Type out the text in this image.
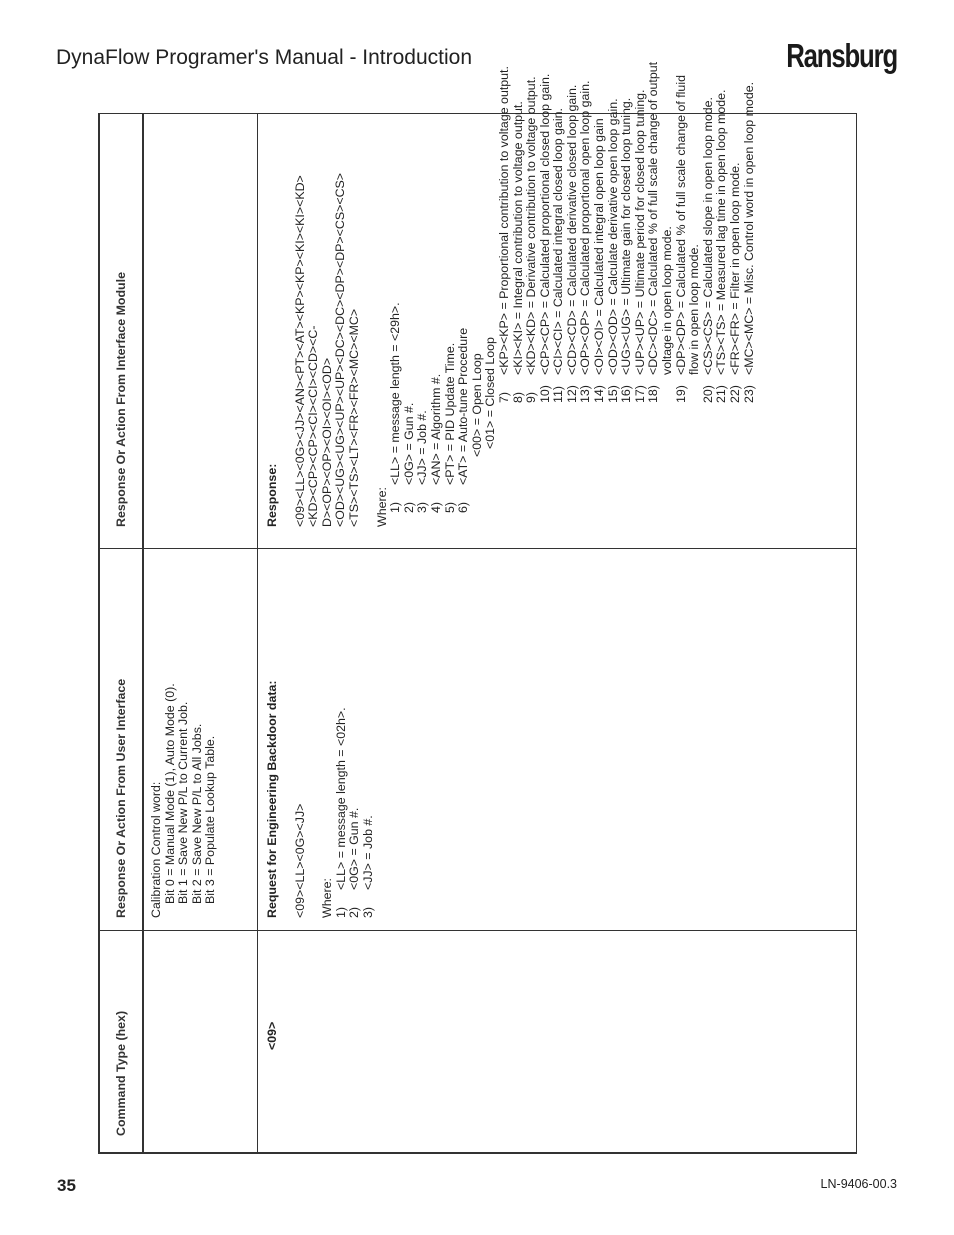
DynaFlow Programer's Manual - Introduction	Ransburg
35	LN-9406-00.3
Command Type (hex)
Response Or Action From User Interface
Response Or Action From Interface Module
Calibration Control word: Bit 0 = Manual Mode (1), Auto Mode (0). Bit 1 = Save New P/L to Current Job. Bit 2 = Save New P/L to All Jobs. Bit 3 = Populate Lookup Table.
<09>
Request for Engineering Backdoor data: <09><LL><0G><JJ> Where: 1)
<LL> = message length = <02h>.
2)
<0G> = Gun #.
3)
<JJ> = Job #.
Response: <09><LL><0G><JJ><AN><PT><AT><KP><KP><KI><KI><KD> <KD><CP><CP><CI><CI><CD><C- D><OP><OP><OI><OI><OD> <OD><UG><UG><UP><UP><DC><DC><DP><DP><CS><CS> <TS><TS><LT><FR><FR><MC><MC> Where: 1)
<LL> = message length = <29h>.
2)
<0G> = Gun #.
3)
<JJ> = Job #.
4)
<AN> = Algorithm #.
5)
<PT> = PID Update Time.
6)
<AT> = Auto-tune Procedure <00> = Open Loop <01> = Closed Loop 7)
<KP><KP> = Proportional contribution to voltage output.
8)
<KI><KI> = Integral contribution to voltage output.
9)
<KD><KD> = Derivative contribution to voltage output.
10)
<CP><CP> = Calculated proportional closed loop gain.
11)
<CI><CI> = Calculated integral closed loop gain.
12)
<CD><CD> = Calculated derivative closed loop gain.
13)
<OP><OP> = Calculated proportional open loop gain.
14)
<OI><OI> = Calculated integral open loop gain
15)
<OD><OD> = Calculate derivative open loop gain.
16)
<UG><UG> = Ultimate gain for closed loop tuning.
17)
<UP><UP> = Ultimate period for closed loop tuning.
18)
<DC><DC> = Calculated % of full scale change of output voltage in open loop mode.
19)
<DP><DP> = Calculated % of full scale change of fluid flow in open loop mode.
20)
<CS><CS> = Calculated slope in open loop mode.
21)
<TS><TS> = Measured lag time in open loop mode.
22)
<FR><FR> = Filter in open loop mode.
23)
<MC><MC> = Misc. Control word in open loop mode.
